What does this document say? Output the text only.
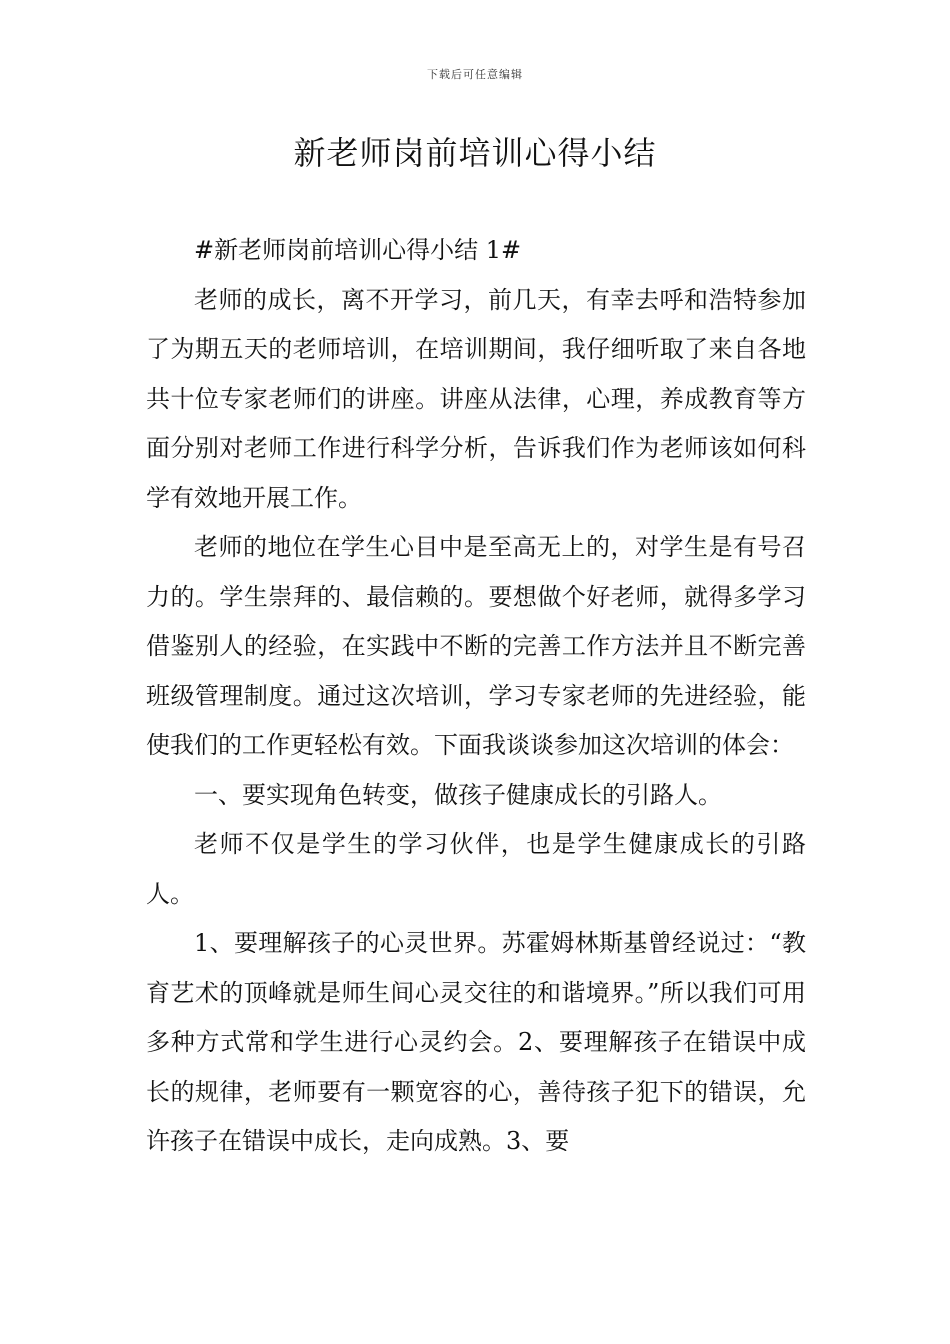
下载后可任意编辑
新老师岗前培训心得小结

#新老师岗前培训心得小结 1#

老师的成长，离不开学习，前几天，有幸去呼和浩特参加了为期五天的老师培训，在培训期间，我仔细听取了来自各地共十位专家老师们的讲座。讲座从法律，心理，养成教育等方面分别对老师工作进行科学分析，告诉我们作为老师该如何科学有效地开展工作。

老师的地位在学生心目中是至高无上的，对学生是有号召力的。学生崇拜的、最信赖的。要想做个好老师，就得多学习借鉴别人的经验，在实践中不断的完善工作方法并且不断完善班级管理制度。通过这次培训，学习专家老师的先进经验，能使我们的工作更轻松有效。下面我谈谈参加这次培训的体会：

一、要实现角色转变，做孩子健康成长的引路人。

老师不仅是学生的学习伙伴，也是学生健康成长的引路人。

1、要理解孩子的心灵世界。苏霍姆林斯基曾经说过：“教育艺术的顶峰就是师生间心灵交往的和谐境界。”所以我们可用多种方式常和学生进行心灵约会。2、要理解孩子在错误中成长的规律，老师要有一颗宽容的心，善待孩子犯下的错误，允许孩子在错误中成长，走向成熟。3、要
